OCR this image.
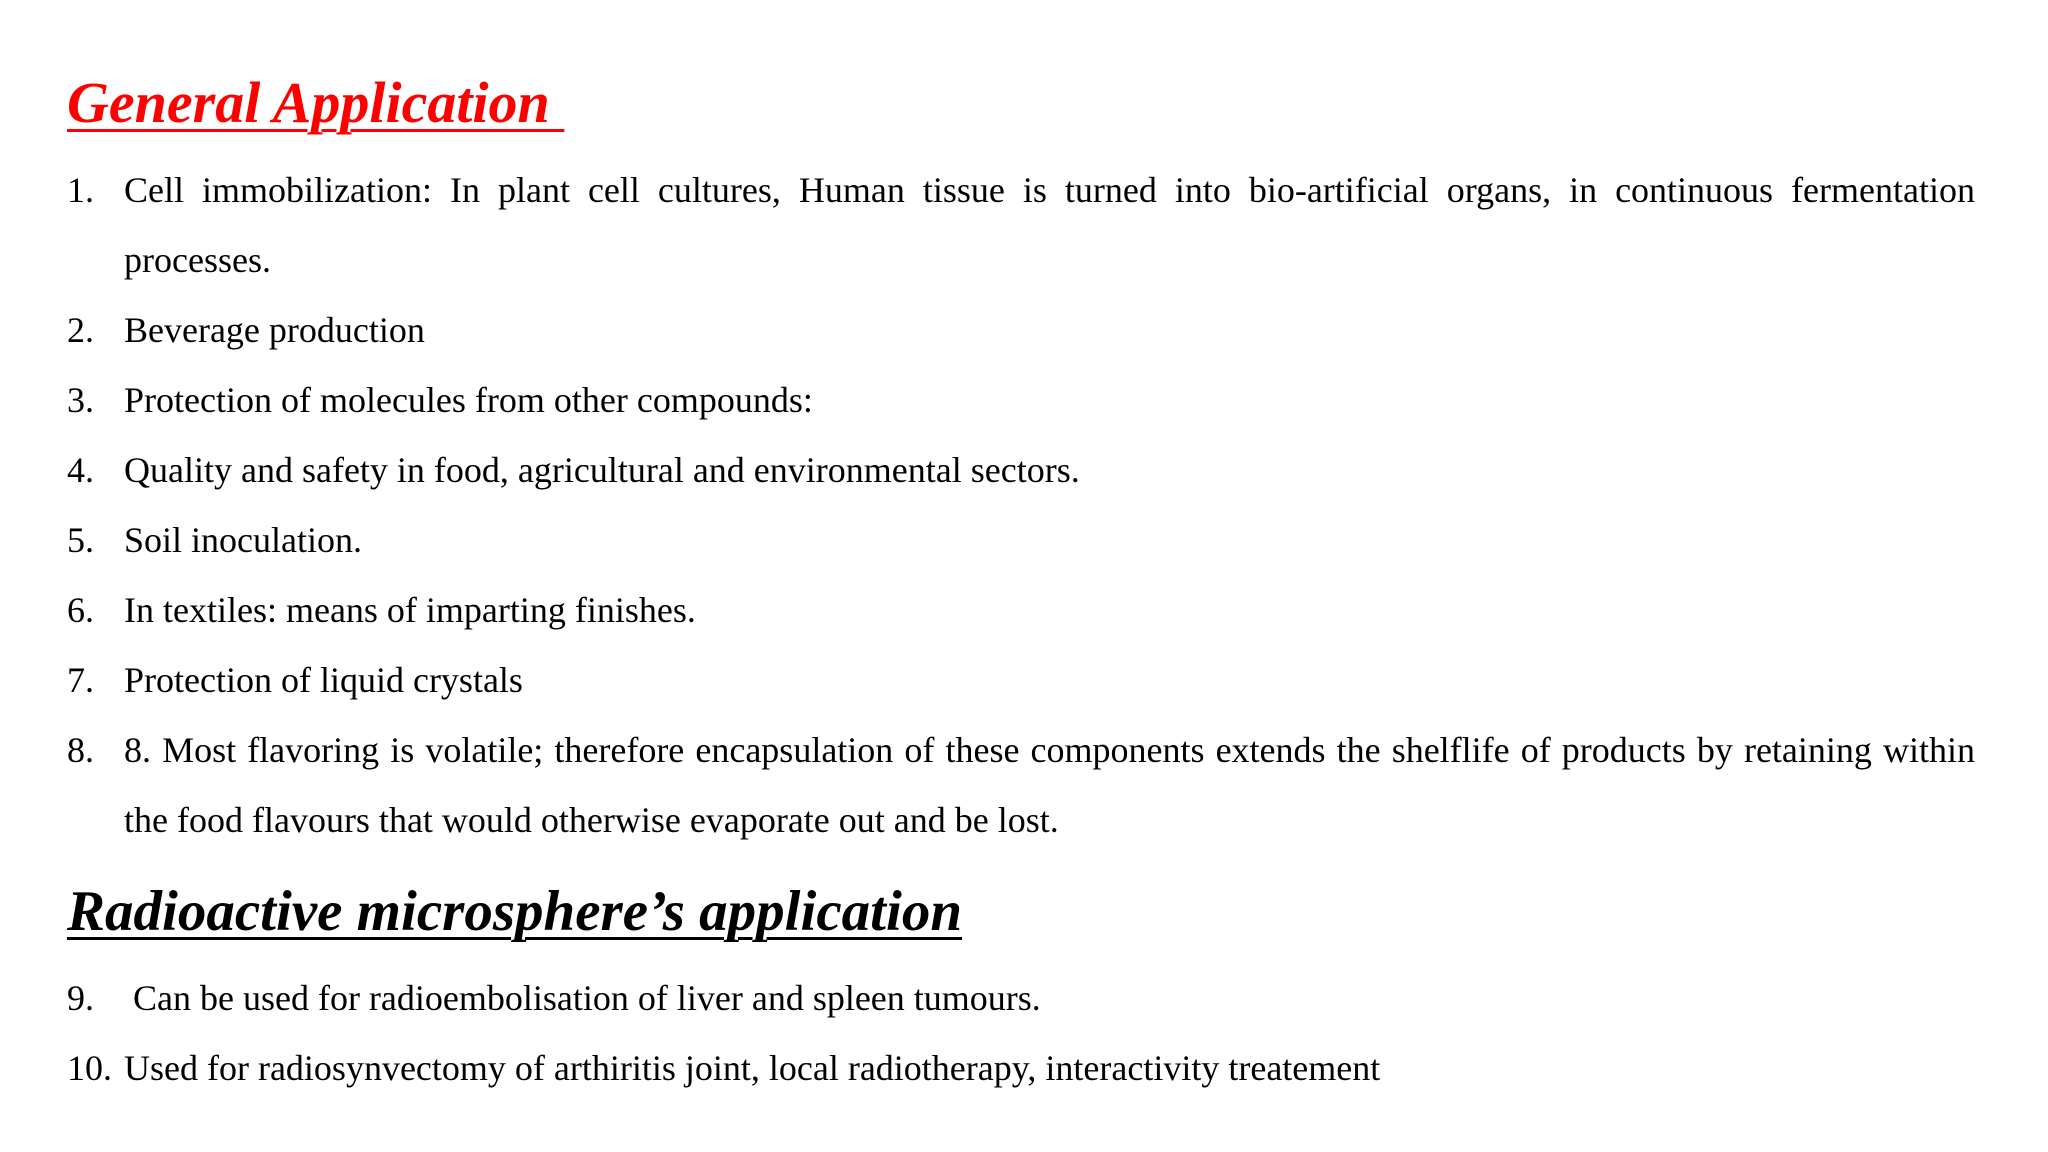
General Application
1. Cell immobilization: In plant cell cultures, Human tissue is turned into bio-artificial organs, in continuous fermentation processes.
2. Beverage production
3. Protection of molecules from other compounds:
4. Quality and safety in food, agricultural and environmental sectors.
5. Soil inoculation.
6. In textiles: means of imparting finishes.
7. Protection of liquid crystals
8. 8. Most flavoring is volatile; therefore encapsulation of these components extends the shelflife of products by retaining within the food flavours that would otherwise evaporate out and be lost.
Radioactive microsphere’s application
9. Can be used for radioembolisation of liver and spleen tumours.
10. Used for radiosynvectomy of arthiritis joint, local radiotherapy, interactivity treatement
